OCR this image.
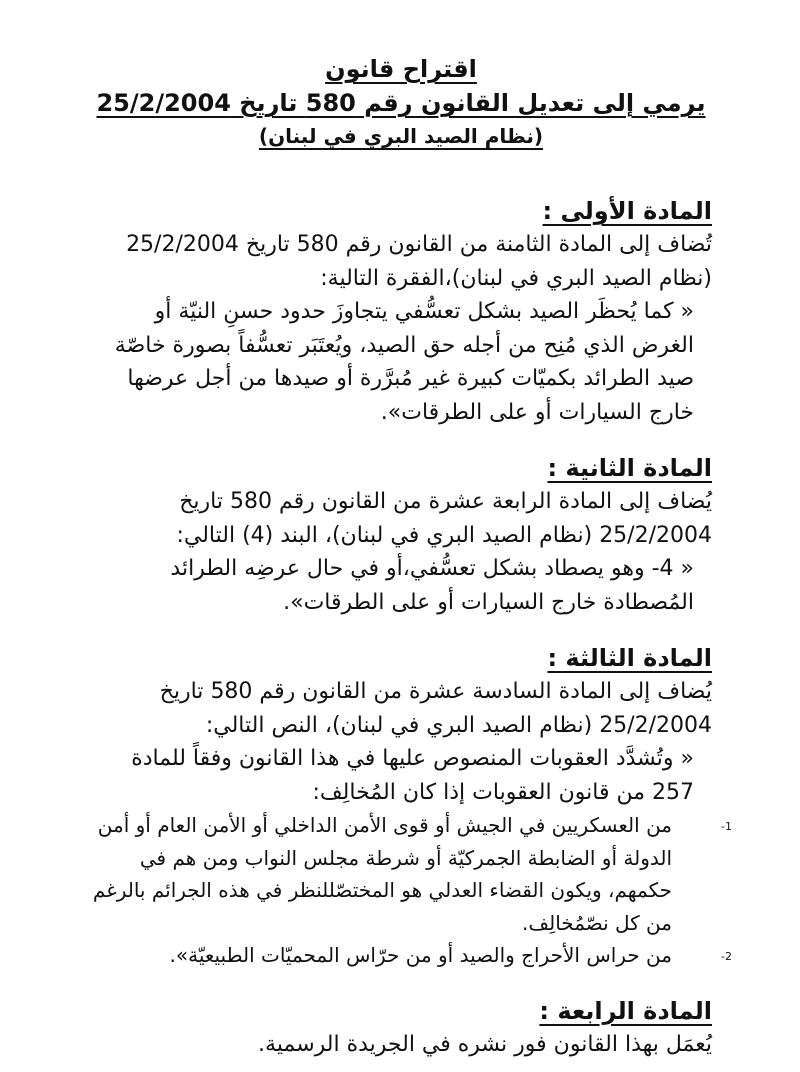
اقتراح قانون
يرمي إلى تعديل القانون رقم 580 تاريخ 25/2/2004
(نظام الصيد البري في لبنان)

المادة الأولى :

تُضاف إلى المادة الثامنة من القانون رقم 580 تاريخ 25/2/2004 (نظام الصيد البري في لبنان)،الفقرة التالية:

« كما يُحظَر الصيد بشكل تعسُّفي يتجاوزَ حدود حسنِ النيّة أو الغرض الذي مُنِح من أجله حق الصيد، ويُعتَبَر تعسُّفاً بصورة خاصّة صيد الطرائد بكميّات كبيرة غير مُبرَّرة أو صيدها من أجل عرضها خارج السيارات أو على الطرقات».

المادة الثانية :

يُضاف إلى المادة الرابعة عشرة من القانون رقم 580 تاريخ 25/2/2004 (نظام الصيد البري في لبنان)، البند (4) التالي:

« 4- وهو يصطاد بشكل تعسُّفي،أو في حال عرضِه الطرائد المُصطادة خارج السيارات أو على الطرقات».

المادة الثالثة :

يُضاف إلى المادة السادسة عشرة من القانون رقم 580 تاريخ 25/2/2004 (نظام الصيد البري في لبنان)، النص التالي:

« وتُشدَّد العقوبات المنصوص عليها في هذا القانون وفقاً للمادة 257 من قانون العقوبات إذا كان المُخالِف:

1-
من العسكريين في الجيش أو قوى الأمن الداخلي أو الأمن العام أو أمن الدولة أو الضابطة الجمركيّة أو شرطة مجلس النواب ومن هم في حكمهم، ويكون القضاء العدلي هو المختصّللنظر في هذه الجرائم بالرغم من كل نصّمُخالِف.
2-
من حراس الأحراج والصيد أو من حرّاس المحميّات الطبيعيّة».

المادة الرابعة :

يُعمَل بهذا القانون فور نشره في الجريدة الرسمية.
